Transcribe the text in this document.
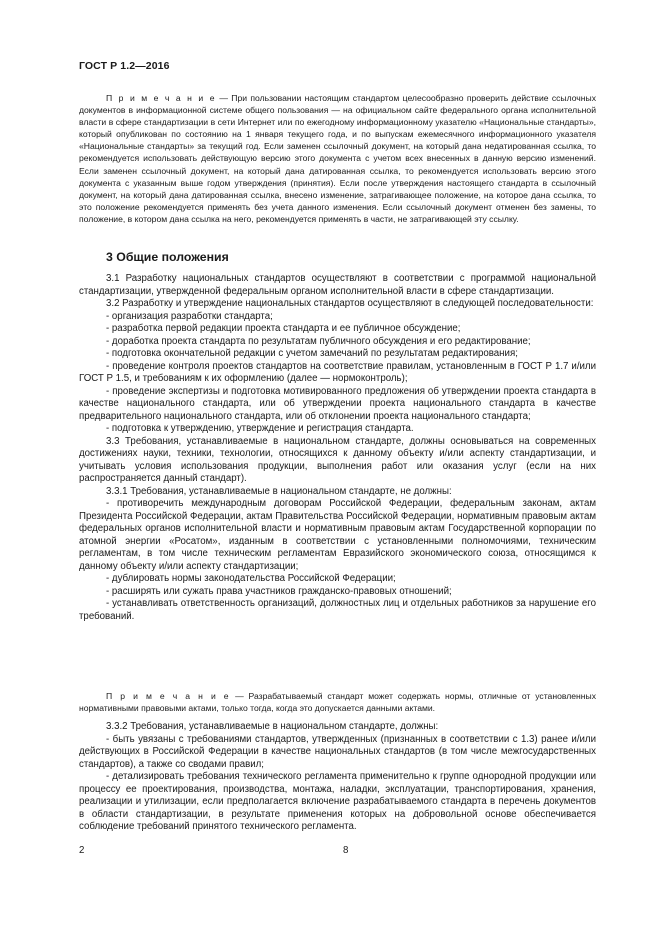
ГОСТ Р 1.2—2016

П р и м е ч а н и е — При пользовании настоящим стандартом целесообразно проверить действие ссылочных документов в информационной системе общего пользования — на официальном сайте федерального органа исполнительной власти в сфере стандартизации в сети Интернет или по ежегодному информационному указателю «Национальные стандарты», который опубликован по состоянию на 1 января текущего года, и по выпускам ежемесячного информационного указателя «Национальные стандарты» за текущий год. Если заменен ссылочный документ, на который дана недатированная ссылка, то рекомендуется использовать действующую версию этого документа с учетом всех внесенных в данную версию изменений. Если заменен ссылочный документ, на который дана датированная ссылка, то рекомендуется использовать версию этого документа с указанным выше годом утверждения (принятия). Если после утверждения настоящего стандарта в ссылочный документ, на который дана датированная ссылка, внесено изменение, затрагивающее положение, на которое дана ссылка, то это положение рекомендуется применять без учета данного изменения. Если ссылочный документ отменен без замены, то положение, в котором дана ссылка на него, рекомендуется применять в части, не затрагивающей эту ссылку.

3 Общие положения

3.1 Разработку национальных стандартов осуществляют в соответствии с программой национальной стандартизации, утвержденной федеральным органом исполнительной власти в сфере стандартизации.

3.2 Разработку и утверждение национальных стандартов осуществляют в следующей последовательности:

- организация разработки стандарта;

- разработка первой редакции проекта стандарта и ее публичное обсуждение;

- доработка проекта стандарта по результатам публичного обсуждения и его редактирование;

- подготовка окончательной редакции с учетом замечаний по результатам редактирования;

- проведение контроля проектов стандартов на соответствие правилам, установленным в ГОСТ Р 1.7 и/или ГОСТ Р 1.5, и требованиям к их оформлению (далее — нормоконтроль);

- проведение экспертизы и подготовка мотивированного предложения об утверждении проекта стандарта в качестве национального стандарта, или об утверждении проекта национального стандарта в качестве предварительного национального стандарта, или об отклонении проекта национального стандарта;

- подготовка к утверждению, утверждение и регистрация стандарта.

3.3 Требования, устанавливаемые в национальном стандарте, должны основываться на современных достижениях науки, техники, технологии, относящихся к данному объекту и/или аспекту стандартизации, и учитывать условия использования продукции, выполнения работ или оказания услуг (если на них распространяется данный стандарт).

3.3.1 Требования, устанавливаемые в национальном стандарте, не должны:

- противоречить международным договорам Российской Федерации, федеральным законам, актам Президента Российской Федерации, актам Правительства Российской Федерации, нормативным правовым актам федеральных органов исполнительной власти и нормативным правовым актам Государственной корпорации по атомной энергии «Росатом», изданным в соответствии с установленными полномочиями, техническим регламентам, в том числе техническим регламентам Евразийского экономического союза, относящимся к данному объекту и/или аспекту стандартизации;

- дублировать нормы законодательства Российской Федерации;

- расширять или сужать права участников гражданско-правовых отношений;

- устанавливать ответственность организаций, должностных лиц и отдельных работников за нарушение его требований.

П р и м е ч а н и е — Разрабатываемый стандарт может содержать нормы, отличные от установленных нормативными правовыми актами, только тогда, когда это допускается данными актами.

3.3.2 Требования, устанавливаемые в национальном стандарте, должны:

- быть увязаны с требованиями стандартов, утвержденных (признанных в соответствии с 1.3) ранее и/или действующих в Российской Федерации в качестве национальных стандартов (в том числе межгосударственных стандартов), а также со сводами правил;

- детализировать требования технического регламента применительно к группе однородной продукции или процессу ее проектирования, производства, монтажа, наладки, эксплуатации, транспортирования, хранения, реализации и утилизации, если предполагается включение разрабатываемого стандарта в перечень документов в области стандартизации, в результате применения которых на добровольной основе обеспечивается соблюдение требований принятого технического регламента.

2	8
